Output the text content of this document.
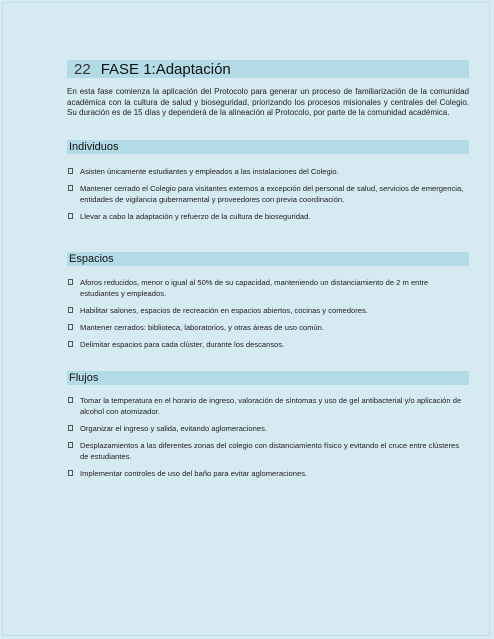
22 FASE 1:Adaptación
En esta fase comienza la aplicación del Protocolo para generar un proceso de familiarización de la comunidad académica con la cultura de salud y bioseguridad, priorizando los procesos misionales y centrales del Colegio. Su duración es de 15 días y dependerá de la alineación al Protocolo, por parte de la comunidad académica.
Individuos
Asisten únicamente estudiantes y empleados a las instalaciones del Colegio.
Mantener cerrado el Colegio para visitantes externos a excepción del personal de salud, servicios de emergencia, entidades de vigilancia gubernamental y proveedores con previa coordinación.
Llevar a cabo la adaptación y refuerzo de la cultura de bioseguridad.
Espacios
Aforos reducidos, menor o igual al 50% de su capacidad, manteniendo un distanciamiento de 2 m entre estudiantes y empleados.
Habilitar salones, espacios de recreación en espacios abiertos, cocinas y comedores.
Mantener cerrados: biblioteca, laboratorios, y otras áreas de uso común.
Delimitar espacios para cada clúster, durante los descansos.
Flujos
Tomar la temperatura en el horario de ingreso, valoración de síntomas y uso de gel antibacterial y/o aplicación de alcohol con atomizador.
Organizar el ingreso y salida, evitando aglomeraciones.
Desplazamientos a las diferentes zonas del colegio con distanciamiento físico y evitando el cruce entre clústeres de estudiantes.
Implementar controles de uso del baño para evitar aglomeraciones.
